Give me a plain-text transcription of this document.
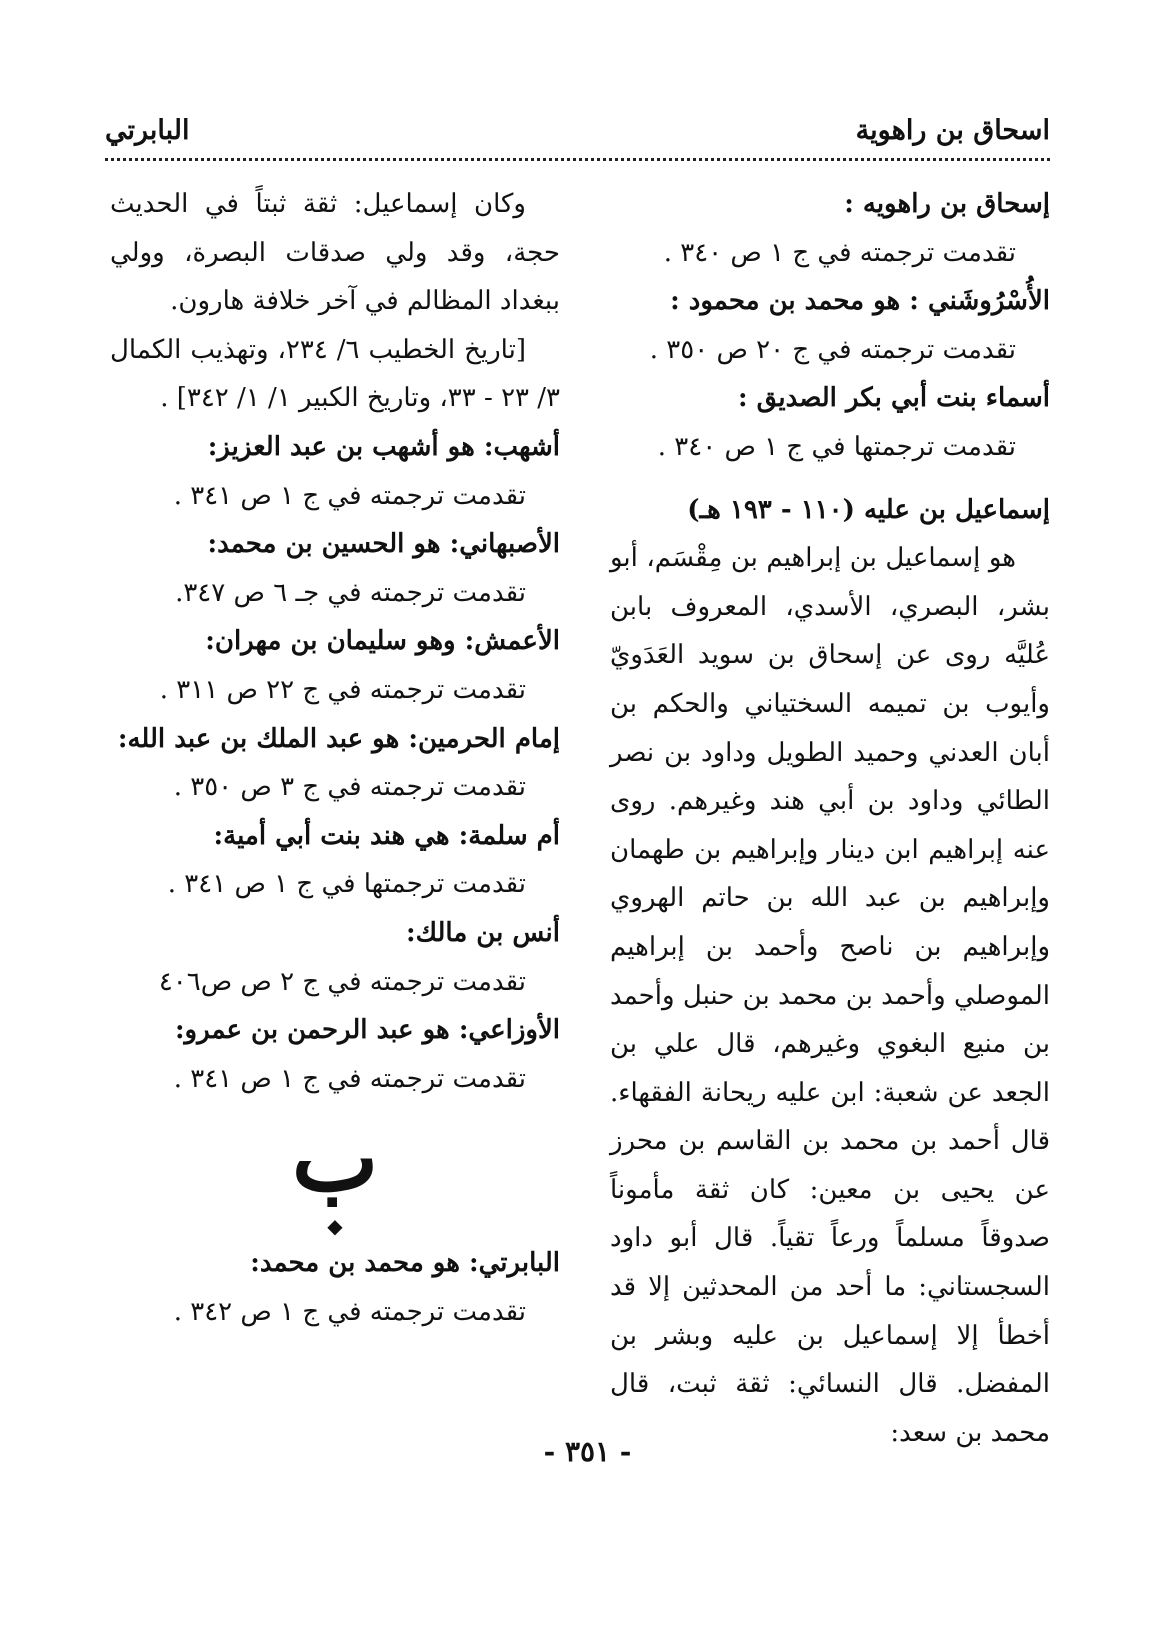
اسحاق بن راهوية
البابرتي

إسحاق بن راهويه :

تقدمت ترجمته في ج ١ ص ٣٤٠ .

الأُسْرُوشَني : هو محمد بن محمود :

تقدمت ترجمته في ج ٢٠ ص ٣٥٠ .

أسماء بنت أبي بكر الصديق :

تقدمت ترجمتها في ج ١ ص ٣٤٠ .

إسماعيل بن عليه (١١٠ - ١٩٣ هـ)

هو إسماعيل بن إبراهيم بن مِقْسَم، أبو بشر، البصري، الأسدي، المعروف بابن عُليَّه روى عن إسحاق بن سويد العَدَويّ وأيوب بن تميمه السختياني والحكم بن أبان العدني وحميد الطويل وداود بن نصر الطائي وداود بن أبي هند وغيرهم. روى عنه إبراهيم ابن دينار وإبراهيم بن طهمان وإبراهيم بن عبد الله بن حاتم الهروي وإبراهيم بن ناصح وأحمد بن إبراهيم الموصلي وأحمد بن محمد بن حنبل وأحمد بن منيع البغوي وغيرهم، قال علي بن الجعد عن شعبة: ابن عليه ريحانة الفقهاء. قال أحمد بن محمد بن القاسم بن محرز عن يحيى بن معين: كان ثقة مأموناً صدوقاً مسلماً ورعاً تقياً. قال أبو داود السجستاني: ما أحد من المحدثين إلا قد أخطأ إلا إسماعيل بن عليه وبشر بن المفضل. قال النسائي: ثقة ثبت، قال محمد بن سعد:

وكان إسماعيل: ثقة ثبتاً في الحديث حجة، وقد ولي صدقات البصرة، وولي ببغداد المظالم في آخر خلافة هارون.

[تاريخ الخطيب ٦/ ٢٣٤، وتهذيب الكمال ٣/ ٢٣ - ٣٣، وتاريخ الكبير ١/ ١/ ٣٤٢] .

أشهب: هو أشهب بن عبد العزيز:

تقدمت ترجمته في ج ١ ص ٣٤١ .

الأصبهاني: هو الحسين بن محمد:

تقدمت ترجمته في جـ ٦ ص ٣٤٧.

الأعمش: وهو سليمان بن مهران:

تقدمت ترجمته في ج ٢٢ ص ٣١١ .

إمام الحرمين: هو عبد الملك بن عبد الله:

تقدمت ترجمته في ج ٣ ص ٣٥٠ .

أم سلمة: هي هند بنت أبي أمية:

تقدمت ترجمتها في ج ١ ص ٣٤١ .

أنس بن مالك:

تقدمت ترجمته في ج ٢ ص ص٤٠٦

الأوزاعي: هو عبد الرحمن بن عمرو:

تقدمت ترجمته في ج ١ ص ٣٤١ .

ب
◆

البابرتي: هو محمد بن محمد:

تقدمت ترجمته في ج ١ ص ٣٤٢ .

- ٣٥١ -
